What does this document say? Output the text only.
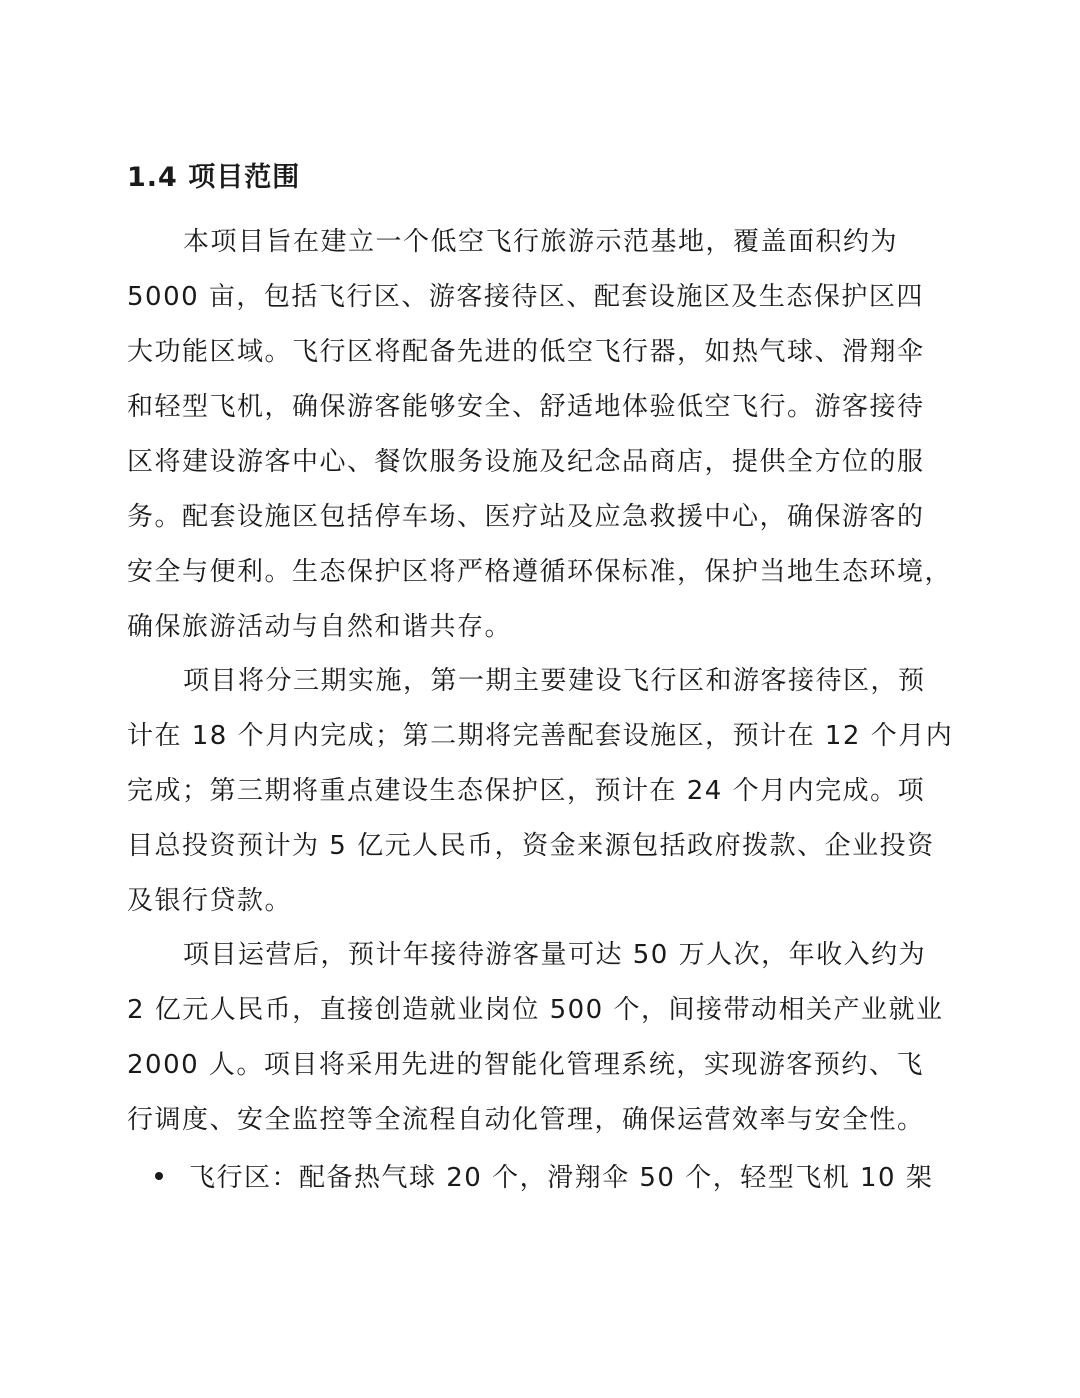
1.4 项目范围
本项目旨在建立一个低空飞行旅游示范基地，覆盖面积约为
5000 亩，包括飞行区、游客接待区、配套设施区及生态保护区四
大功能区域。飞行区将配备先进的低空飞行器，如热气球、滑翔伞
和轻型飞机，确保游客能够安全、舒适地体验低空飞行。游客接待
区将建设游客中心、餐饮服务设施及纪念品商店，提供全方位的服
务。配套设施区包括停车场、医疗站及应急救援中心，确保游客的
安全与便利。生态保护区将严格遵循环保标准，保护当地生态环境，
确保旅游活动与自然和谐共存。
项目将分三期实施，第一期主要建设飞行区和游客接待区，预
计在 18 个月内完成；第二期将完善配套设施区，预计在 12 个月内
完成；第三期将重点建设生态保护区，预计在 24 个月内完成。项
目总投资预计为 5 亿元人民币，资金来源包括政府拨款、企业投资
及银行贷款。
项目运营后，预计年接待游客量可达 50 万人次，年收入约为
2 亿元人民币，直接创造就业岗位 500 个，间接带动相关产业就业
2000 人。项目将采用先进的智能化管理系统，实现游客预约、飞
行调度、安全监控等全流程自动化管理，确保运营效率与安全性。
飞行区：配备热气球 20 个，滑翔伞 50 个，轻型飞机 10 架
